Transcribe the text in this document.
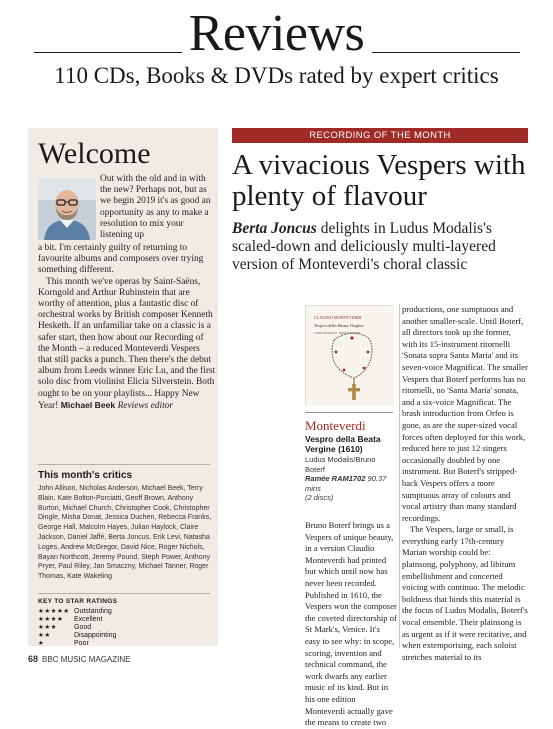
Reviews
110 CDs, Books & DVDs rated by expert critics
Welcome
Out with the old and in with the new? Perhaps not, but as we begin 2019 it's as good an opportunity as any to make a resolution to mix your listening up

a bit. I'm certainly guilty of returning to favourite albums and composers over trying something different.

This month we've operas by Saint-Saëns, Korngold and Arthur Rubinstein that are worthy of attention, plus a fantastic disc of orchestral works by British composer Kenneth Hesketh. If an unfamiliar take on a classic is a safer start, then how about our Recording of the Month – a reduced Monteverdi Vespers that still packs a punch. Then there's the debut album from Leeds winner Eric Lu, and the first solo disc from violinist Elicia Silverstein. Both ought to be on your playlists... Happy New Year! Michael Beek Reviews editor

This month's critics
John Allison, Nicholas Anderson, Michael Beek, Terry Blain, Kate Bolton-Porciatti, Geoff Brown, Anthony Burton, Michael Church, Christopher Cook, Christopher Dingle, Misha Donat, Jessica Duchen, Rebecca Franks, George Hall, Malcolm Hayes, Julian Haylock, Claire Jackson, Daniel Jaffé, Berta Joncus, Erik Levi, Natasha Loges, Andrew McGregor, David Nice, Roger Nichols, Bayan Northcott, Jeremy Pound, Steph Power, Anthony Pryer, Paul Riley, Jan Smaczny, Michael Tanner, Roger Thomas, Kate Wakeling
KEY TO STAR RATINGS
★★★★★ Outstanding
★★★★ Excellent
★★★ Good
★★	Disappointing
★	Poor
68 BBC MUSIC MAGAZINE
RECORDING OF THE MONTH
A vivacious Vespers with plenty of flavour
Berta Joncus delights in Ludus Modalis's scaled-down and deliciously multi-layered version of Monteverdi's choral classic
CLAUDIO MONTEVERDI
Vespro della Beata Vergine
LUDUS MODALIS · BRUNO BOTERF
Monteverdi
Vespro della Beata Vergine (1610)
Ludus Modalis/Bruno Boterf
Ramée RAM1702 90.37 mins
(2 discs)
Bruno Boterf brings us a Vespers of unique beauty, in a version Claudio Monteverdi had printed but which until now has never been recorded. Published in 1610, the Vespers won the composer the coveted directorship of St Mark's, Venice. It's easy to see why: in scope, scoring, invention and technical command, the work dwarfs any earlier music of its kind. But in his one edition Monteverdi actually gave the means to create two

productions, one sumptuous and another smaller-scale. Until Boterf, all directors took up the former, with its 15-instrument ritornelli 'Sonata sopra Santa Maria' and its seven-voice Magnificat. The smaller Vespers that Boterf performs has no ritornelli, no 'Santa Maria' sonata, and a six-voice Magnificat. The brash introduction from Orfeo is gone, as are the super-sized vocal forces often deployed for this work, reduced here to just 12 singers occasionally doubled by one instrument. But Boterf's stripped-back Vespers offers a more sumptuous array of colours and vocal artistry than many standard recordings.

The Vespers, large or small, is everything early 17th-century Marian worship could be: plainsong, polyphony, ad libitum embellishment and concerted voicing with continuo. The melodic boldness that binds this material is the focus of Ludus Modalis, Boterf's vocal ensemble. Their plainsong is as urgent as if it were recitative, and when extemporising, each soloist stretches material to its
